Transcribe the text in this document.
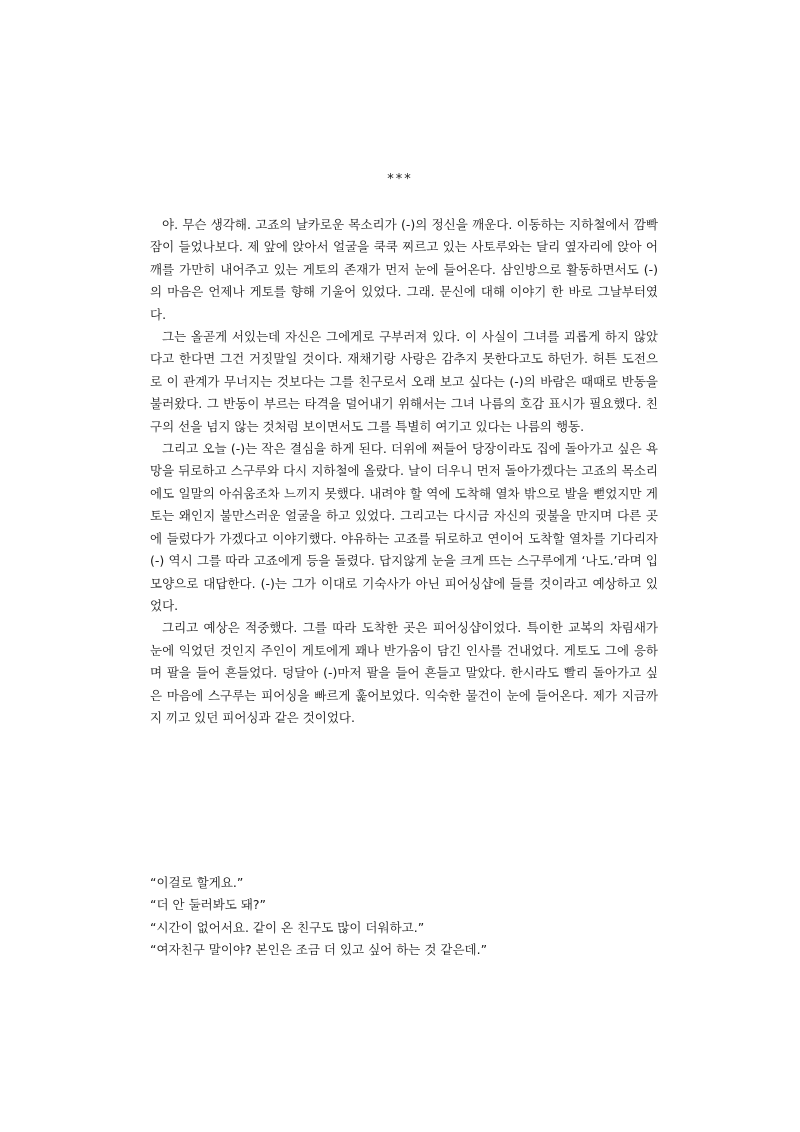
***

야. 무슨 생각해. 고죠의 날카로운 목소리가 (-)의 정신을 깨운다. 이동하는 지하철에서 깜빡 잠이 들었나보다. 제 앞에 앉아서 얼굴을 쿡쿡 찌르고 있는 사토루와는 달리 옆자리에 앉아 어깨를 가만히 내어주고 있는 게토의 존재가 먼저 눈에 들어온다. 삼인방으로 활동하면서도 (-)의 마음은 언제나 게토를 향해 기울어 있었다. 그래. 문신에 대해 이야기 한 바로 그날부터였다.

그는 올곧게 서있는데 자신은 그에게로 구부러져 있다. 이 사실이 그녀를 괴롭게 하지 않았다고 한다면 그건 거짓말일 것이다. 재채기랑 사랑은 감추지 못한다고도 하던가. 허튼 도전으로 이 관계가 무너지는 것보다는 그를 친구로서 오래 보고 싶다는 (-)의 바람은 때때로 반동을 불러왔다. 그 반동이 부르는 타격을 덜어내기 위해서는 그녀 나름의 호감 표시가 필요했다. 친구의 선을 넘지 않는 것처럼 보이면서도 그를 특별히 여기고 있다는 나름의 행동.

그리고 오늘 (-)는 작은 결심을 하게 된다. 더위에 쩌들어 당장이라도 집에 돌아가고 싶은 욕망을 뒤로하고 스구루와 다시 지하철에 올랐다. 날이 더우니 먼저 돌아가겠다는 고죠의 목소리에도 일말의 아쉬움조차 느끼지 못했다. 내려야 할 역에 도착해 열차 밖으로 발을 뻗었지만 게토는 왜인지 불만스러운 얼굴을 하고 있었다. 그리고는 다시금 자신의 귓불을 만지며 다른 곳에 들렀다가 가겠다고 이야기했다. 야유하는 고죠를 뒤로하고 연이어 도착할 열차를 기다리자 (-) 역시 그를 따라 고죠에게 등을 돌렸다. 답지않게 눈을 크게 뜨는 스구루에게 ‘나도.’라며 입모양으로 대답한다. (-)는 그가 이대로 기숙사가 아닌 피어싱샵에 들를 것이라고 예상하고 있었다.

그리고 예상은 적중했다. 그를 따라 도착한 곳은 피어싱샵이었다. 특이한 교복의 차림새가 눈에 익었던 것인지 주인이 게토에게 꽤나 반가움이 담긴 인사를 건내었다. 게토도 그에 응하며 팔을 들어 흔들었다. 덩달아 (-)마저 팔을 들어 흔들고 말았다. 한시라도 빨리 돌아가고 싶은 마음에 스구루는 피어싱을 빠르게 훑어보었다. 익숙한 물건이 눈에 들어온다. 제가 지금까지 끼고 있던 피어싱과 같은 것이었다.

“이걸로 할게요.”

“더 안 둘러봐도 돼?”

“시간이 없어서요. 같이 온 친구도 많이 더워하고.”

“여자친구 말이야? 본인은 조금 더 있고 싶어 하는 것 같은데.”
